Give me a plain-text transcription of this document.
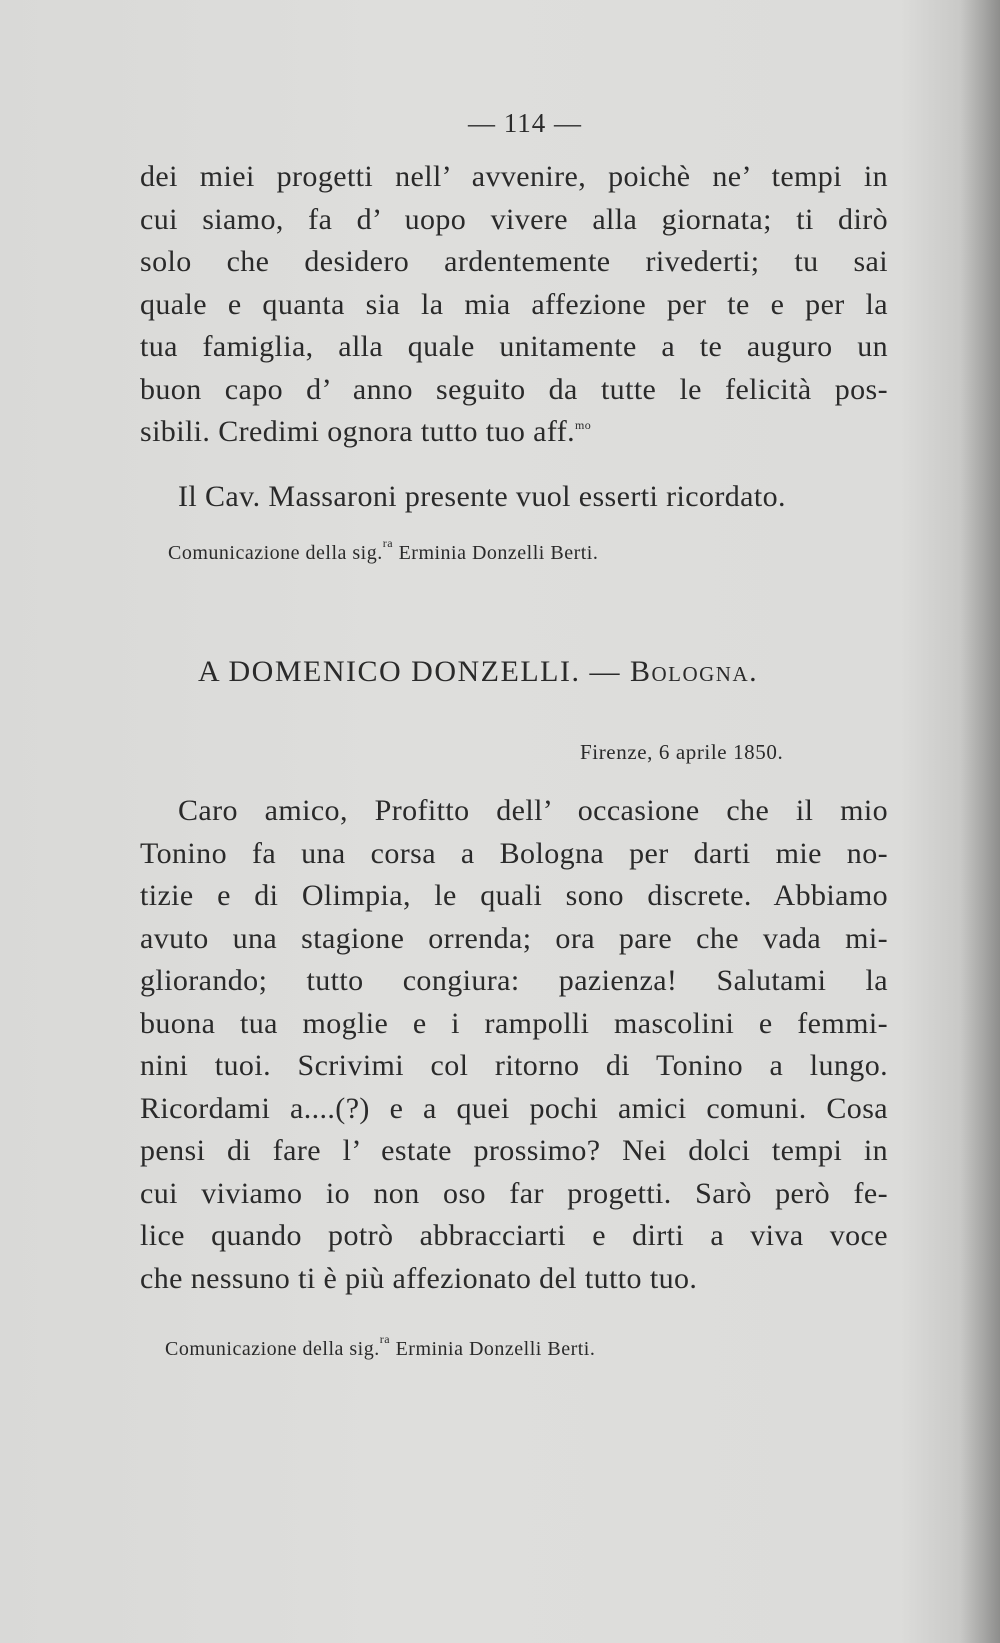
— 114 —
dei miei progetti nell’ avvenire, poichè ne’ tempi in
cui siamo, fa d’ uopo vivere alla giornata; ti dirò
solo che desidero ardentemente rivederti; tu sai
quale e quanta sia la mia affezione per te e per la
tua famiglia, alla quale unitamente a te auguro un
buon capo d’ anno seguito da tutte le felicità pos-
sibili. Credimi ognora tutto tuo aff.$^{mo}$
Il Cav. Massaroni presente vuol esserti ricordato.
Comunicazione della sig.$^{ra}$ Erminia Donzelli Berti.
A DOMENICO DONZELLI. — Bologna.
Firenze, 6 aprile 1850.
Caro amico, Profitto dell’ occasione che il mio
Tonino fa una corsa a Bologna per darti mie no-
tizie e di Olimpia, le quali sono discrete. Abbiamo
avuto una stagione orrenda; ora pare che vada mi-
gliorando; tutto congiura: pazienza! Salutami la
buona tua moglie e i rampolli mascolini e femmi-
nini tuoi. Scrivimi col ritorno di Tonino a lungo.
Ricordami a....(?) e a quei pochi amici comuni. Cosa
pensi di fare l’ estate prossimo? Nei dolci tempi in
cui viviamo io non oso far progetti. Sarò però fe-
lice quando potrò abbracciarti e dirti a viva voce
che nessuno ti è più affezionato del tutto tuo.
Comunicazione della sig.$^{ra}$ Erminia Donzelli Berti.
